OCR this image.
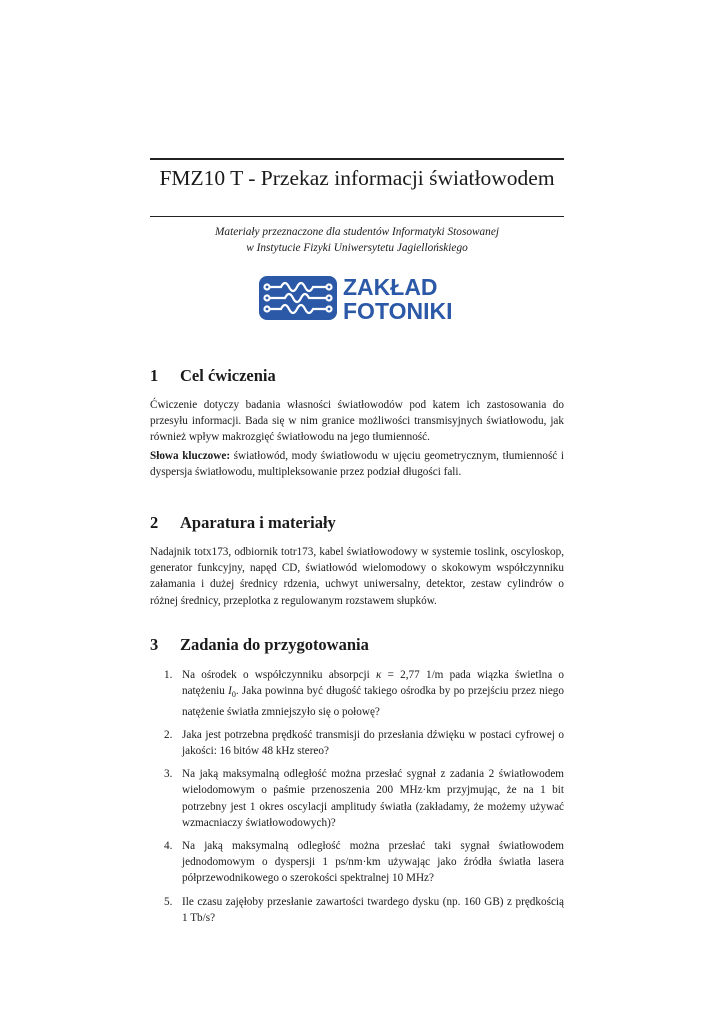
FMZ10 T - Przekaz informacji światłowodem
Materiały przeznaczone dla studentów Informatyki Stosowanej
w Instytucie Fizyki Uniwersytetu Jagiellońskiego
ZAKŁAD
FOTONIKI
1 Cel ćwiczenia
Ćwiczenie dotyczy badania własności światłowodów pod katem ich zastosowania do przesyłu informacji. Bada się w nim granice możliwości transmisyjnych światłowodu, jak również wpływ makrozgięć światłowodu na jego tłumienność.
Słowa kluczowe: światłowód, mody światłowodu w ujęciu geometrycznym, tłumienność i dyspersja światłowodu, multipleksowanie przez podział długości fali.
2 Aparatura i materiały
Nadajnik totx173, odbiornik totr173, kabel światłowodowy w systemie toslink, oscyloskop, generator funkcyjny, napęd CD, światłowód wielomodowy o skokowym współczynniku załamania i dużej średnicy rdzenia, uchwyt uniwersalny, detektor, zestaw cylindrów o różnej średnicy, przeplotka z regulowanym rozstawem słupków.
3 Zadania do przygotowania
1. Na ośrodek o współczynniku absorpcji κ = 2,77 1/m pada wiązka świetlna o natężeniu $I_0$. Jaka powinna być długość takiego ośrodka by po przejściu przez niego natężenie światła zmniejszyło się o połowę?
2. Jaka jest potrzebna prędkość transmisji do przesłania dźwięku w postaci cyfrowej o jakości: 16 bitów 48 kHz stereo?
3. Na jaką maksymalną odległość można przesłać sygnał z zadania 2 światłowodem wielodomowym o paśmie przenoszenia 200 MHz·km przyjmując, że na 1 bit potrzebny jest 1 okres oscylacji amplitudy światła (zakładamy, że możemy używać wzmacniaczy światłowodowych)?
4. Na jaką maksymalną odległość można przesłać taki sygnał światłowodem jednodomowym o dyspersji 1 ps/nm·km używając jako źródła światła lasera półprzewodnikowego o szerokości spektralnej 10 MHz?
5. Ile czasu zajęłoby przesłanie zawartości twardego dysku (np. 160 GB) z prędkością 1 Tb/s?
